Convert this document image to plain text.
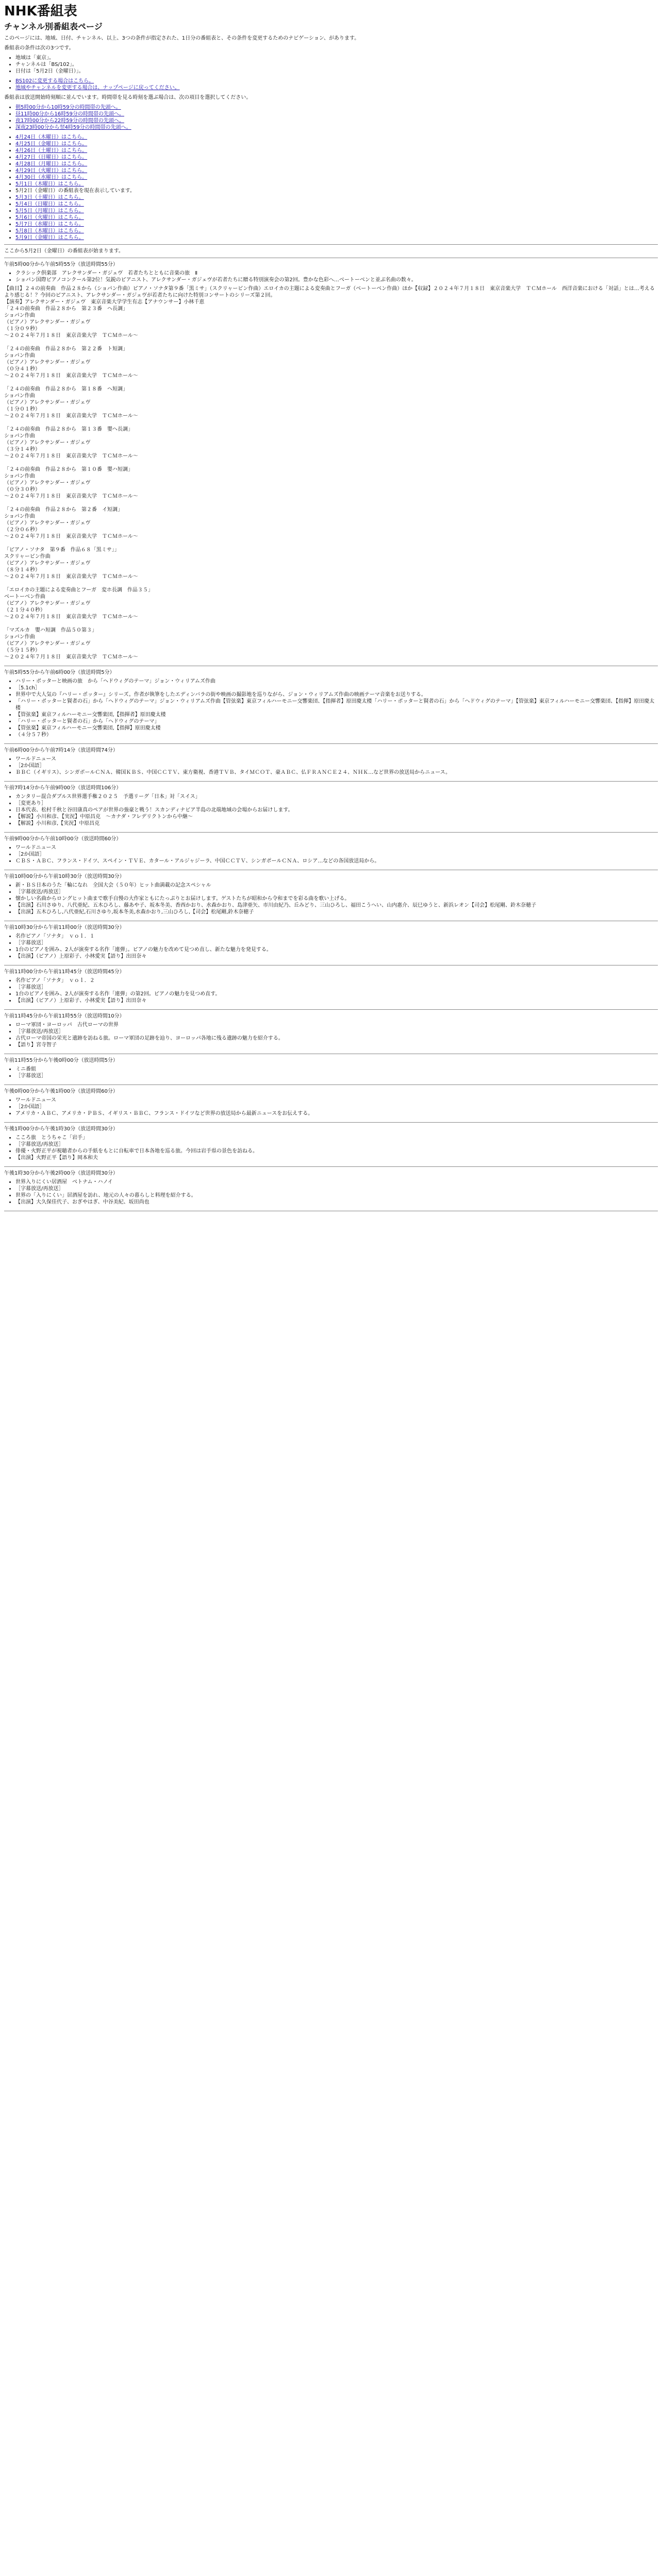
NHK番組表
チャンネル別番組表ページ

このページには、地域、日付、チャンネル、以上、3つの条件が指定された、1日分の番組表と、その条件を変更するためのナビゲーション、があります。

番組表の条件は次の3つです。

• 地域は「東京」。
• チャンネルは「BS/102」。
• 日付は「5月2日（金曜日）」。
• BS102に変更する場合はこちら。
• 地域やチャンネルを変更する場合は、ナップページに戻ってください。

番組表は放送開始時刻順に並んでいます。時間帯を見る時刻を選ぶ場合は、次の項目を選択してください。

• 朝5時00分から10時59分の時間帯の先頭へ。
• 昼11時00分から16時59分の時間帯の先頭へ。
• 夜17時00分から22時59分の時間帯の先頭へ。
• 深夜23時00分から翌4時59分の時間帯の先頭へ。
• 4月24日（木曜日）はこちら。
• 4月25日（金曜日）はこちら。
• 4月26日（土曜日）はこちら。
• 4月27日（日曜日）はこちら。
• 4月28日（月曜日）はこちら。
• 4月29日（火曜日）はこちら。
• 4月30日（水曜日）はこちら。
• 5月1日（木曜日）はこちら。
• 5月2日（金曜日）の番組表を現在表示しています。
• 5月3日（土曜日）はこちら。
• 5月4日（日曜日）はこちら。
• 5月5日（月曜日）はこちら。
• 5月6日（火曜日）はこちら。
• 5月7日（水曜日）はこちら。
• 5月8日（木曜日）はこちら。
• 5月9日（金曜日）はこちら。

ここから5月2日（金曜日）の番組表が始まります。

午前5時00分から午前5時55分（放送時間55分）

• クラシック倶楽部　アレクサンダー・ガジェヴ　若者たちとともに音楽の旅　Ⅱ
• ショパン国際ピアノコンクール第2位！気鋭のピアニスト、アレクサンダー・ガジェヴが若者たちに贈る特別演奏会の第2回。豊かな色彩へ…ベートーベンと並ぶ名曲の数々。

【曲目】２４の前奏曲　作品２８から（ショパン作曲）ピアノ・ソナタ第９番「黒ミサ」（スクリャービン作曲）エロイカの主題による変奏曲とフーガ（ベートーベン作曲）ほか【収録】２０２４年７月１８日　東京音楽大学　ＴＣＭホール　西洋音楽における「対話」とは…考えるより感じる！？今回のピアニスト、アレクサンダー・ガジェヴが若者たちに向けた特別コンサートのシリーズ第２回。
【演奏】アレクサンダー・ガジェヴ　東京音楽大学学生有志【アナウンサー】小林千恵
「２４の前奏曲　作品２８から　第２３番　ヘ長調」
ショパン作曲
（ピアノ）アレクサンダー・ガジェヴ
（１分０９秒）
～２０２４年７月１８日　東京音楽大学　ＴＣＭホール～

「２４の前奏曲　作品２８から　第２２番　ト短調」
ショパン作曲
（ピアノ）アレクサンダー・ガジェヴ
（０分４１秒）
～２０２４年７月１８日　東京音楽大学　ＴＣＭホール～

「２４の前奏曲　作品２８から　第１８番　ヘ短調」
ショパン作曲
（ピアノ）アレクサンダー・ガジェヴ
（１分０１秒）
～２０２４年７月１８日　東京音楽大学　ＴＣＭホール～

「２４の前奏曲　作品２８から　第１３番　嬰ヘ長調」
ショパン作曲
（ピアノ）アレクサンダー・ガジェヴ
（３分１４秒）
～２０２４年７月１８日　東京音楽大学　ＴＣＭホール～

「２４の前奏曲　作品２８から　第１０番　嬰ハ短調」
ショパン作曲
（ピアノ）アレクサンダー・ガジェヴ
（０分３０秒）
～２０２４年７月１８日　東京音楽大学　ＴＣＭホール～

「２４の前奏曲　作品２８から　第２番　イ短調」
ショパン作曲
（ピアノ）アレクサンダー・ガジェヴ
（２分０６秒）
～２０２４年７月１８日　東京音楽大学　ＴＣＭホール～

「ピアノ・ソナタ　第９番　作品６８「黒ミサ」」
スクリャービン作曲
（ピアノ）アレクサンダー・ガジェヴ
（８分１４秒）
～２０２４年７月１８日　東京音楽大学　ＴＣＭホール～

「エロイカの主題による変奏曲とフーガ　変ホ長調　作品３５」
ベートーベン作曲
（ピアノ）アレクサンダー・ガジェヴ
（２１分４０秒）
～２０２４年７月１８日　東京音楽大学　ＴＣＭホール～

「マズルカ　嬰ハ短調　作品５０第３」
ショパン作曲
（ピアノ）アレクサンダー・ガジェヴ
（５分１５秒）
～２０２４年７月１８日　東京音楽大学　ＴＣＭホール～

午前5時55分から午前6時00分（放送時間5分）

• ハリー・ポッターと映画の旅　から「ヘドウィグのテーマ」ジョン・ウィリアムズ作曲
• ［5.1ch］
• 世界中で大人気の『ハリー・ポッター』シリーズ。作者が執筆をしたエディンバラの街や映画の撮影地を巡りながら、ジョン・ウィリアムズ作曲の映画テーマ音楽をお送りする。
• 「ハリー・ポッターと賢者の石」から「ヘドウィグのテーマ」ジョン・ウィリアムズ作曲【管弦楽】東京フィルハーモニー交響楽団、【指揮者】原田慶太楼「ハリー・ポッターと賢者の石」から「ヘドウィグのテーマ」【管弦楽】東京フィルハーモニー交響楽団、【指揮】原田慶太楼
• 【管弦楽】東京フィルハーモニー交響楽団,【指揮者】原田慶太楼
• 「ハリー・ポッターと賢者の石」から「ヘドウィグのテーマ」
• 【管弦楽】東京フィルハーモニー交響楽団,【指揮】原田慶太楼
• （４分５７秒）

午前6時00分から午前7時14分（放送時間74分）

• ワールドニュース
• ［2か国語］
• ＢＢＣ（イギリス）、シンガポールＣＮＡ、韓国ＫＢＳ、中国ＣＣＴＶ、東方衛視、香港ＴＶＢ、タイＭＣＯＴ、豪ＡＢＣ、仏ＦＲＡＮＣＥ２４、ＮＨＫ…など世界の放送局からニュース。

午前7時14分から午前9時00分（放送時間106分）

• カンタリー混合ダブルス世界選手権２０２５　予選リーグ「日本」対「スイス」
• ［変更あり］
• 日本代表、松村千秋と谷田康真のペアが世界の強豪と戦う！スカンディナビア半島の北端地域の会場からお届けします。
• 【解説】小川和彦、【実況】中原昌克　～カナダ・フレデリクトンから中継～
• 【解説】小川和彦,【実況】中原昌克

午前9時00分から午前10時00分（放送時間60分）

• ワールドニュース
• ［2か国語］
• ＣＢＳ・ＡＢＣ、フランス・ドイツ、スペイン・ＴＶＥ、カタール・アルジャジーラ、中国ＣＣＴＶ、シンガポールＣＮＡ、ロシア…などの各国放送局から。

午前10時00分から午前10時30分（放送時間30分）

• 新・ＢＳ日本のうた「輪になれ　全国大会（５０年）ヒット曲満載の記念スペシャル
• ［字幕放送/再放送］
• 懐かしい名曲からロングヒット曲まで歌手自慢の大作家ともにたっぷりとお届けします。ゲストたちが昭和から令和までを彩る曲を歌い上げる。
• 【出演】石川さゆり、八代亜紀、五木ひろし、藤あや子、坂本冬美、香西かおり、水森かおり、島津亜矢、市川由紀乃、丘みどり、三山ひろし、福田こうへい、山内惠介、辰巳ゆうと、新浜レオン【司会】松尾剛、鈴木奈穂子
• 【出演】五木ひろし,八代亜紀,石川さゆり,坂本冬美,水森かおり,三山ひろし,【司会】松尾剛,鈴木奈穂子

午前10時30分から午前11時00分（放送時間30分）

• 名作ピアノ「ソナタ」　ｖｏｌ．１
• ［字幕放送］
• 1台のピアノを囲み、2人が演奏する名作「連弾」。ピアノの魅力を改めて見つめ直し、新たな魅力を発見する。
• 【出演】（ピアノ）上原彩子、小林愛実【語り】出田奈々

午前11時00分から午前11時45分（放送時間45分）

• 名作ピアノ「ソナタ」　ｖｏｌ．２
• ［字幕放送］
• 1台のピアノを囲み、2人が演奏する名作「連弾」の第2回。ピアノの魅力を見つめ直す。
• 【出演】（ピアノ）上原彩子、小林愛実【語り】出田奈々

午前11時45分から午前11時55分（放送時間10分）

• ローマ軍団・ヨーロッパ　古代ローマの世界
• ［字幕放送/再放送］
• 古代ローマ帝国の栄光と遺跡を訪ねる旅。ローマ軍団の足跡を辿り、ヨーロッパ各地に残る遺跡の魅力を紹介する。
• 【語り】宮寺智子

午前11時55分から午後0時00分（放送時間5分）

• ミニ番組
• ［字幕放送］

午後0時00分から午後1時00分（放送時間60分）

• ワールドニュース
• ［2か国語］
• アメリカ・ＡＢＣ、アメリカ・ＰＢＳ、イギリス・ＢＢＣ、フランス・ドイツなど世界の放送局から最新ニュースをお伝えする。

午後1時00分から午後1時30分（放送時間30分）

• こころ旅　とうちゃこ「岩手」
• ［字幕放送/再放送］
• 俳優・火野正平が視聴者からの手紙をもとに自転車で日本各地を巡る旅。今回は岩手県の景色を訪ねる。
• 【出演】火野正平【語り】岡本和夫

午後1時30分から午後2時00分（放送時間30分）

• 世界入りにくい居酒屋　ベトナム・ハノイ
• ［字幕放送/再放送］
• 世界の「入りにくい」居酒屋を訪れ、地元の人々の暮らしと料理を紹介する。
• 【出演】大久保佳代子、おぎやはぎ、中谷美紀、坂田尚也
